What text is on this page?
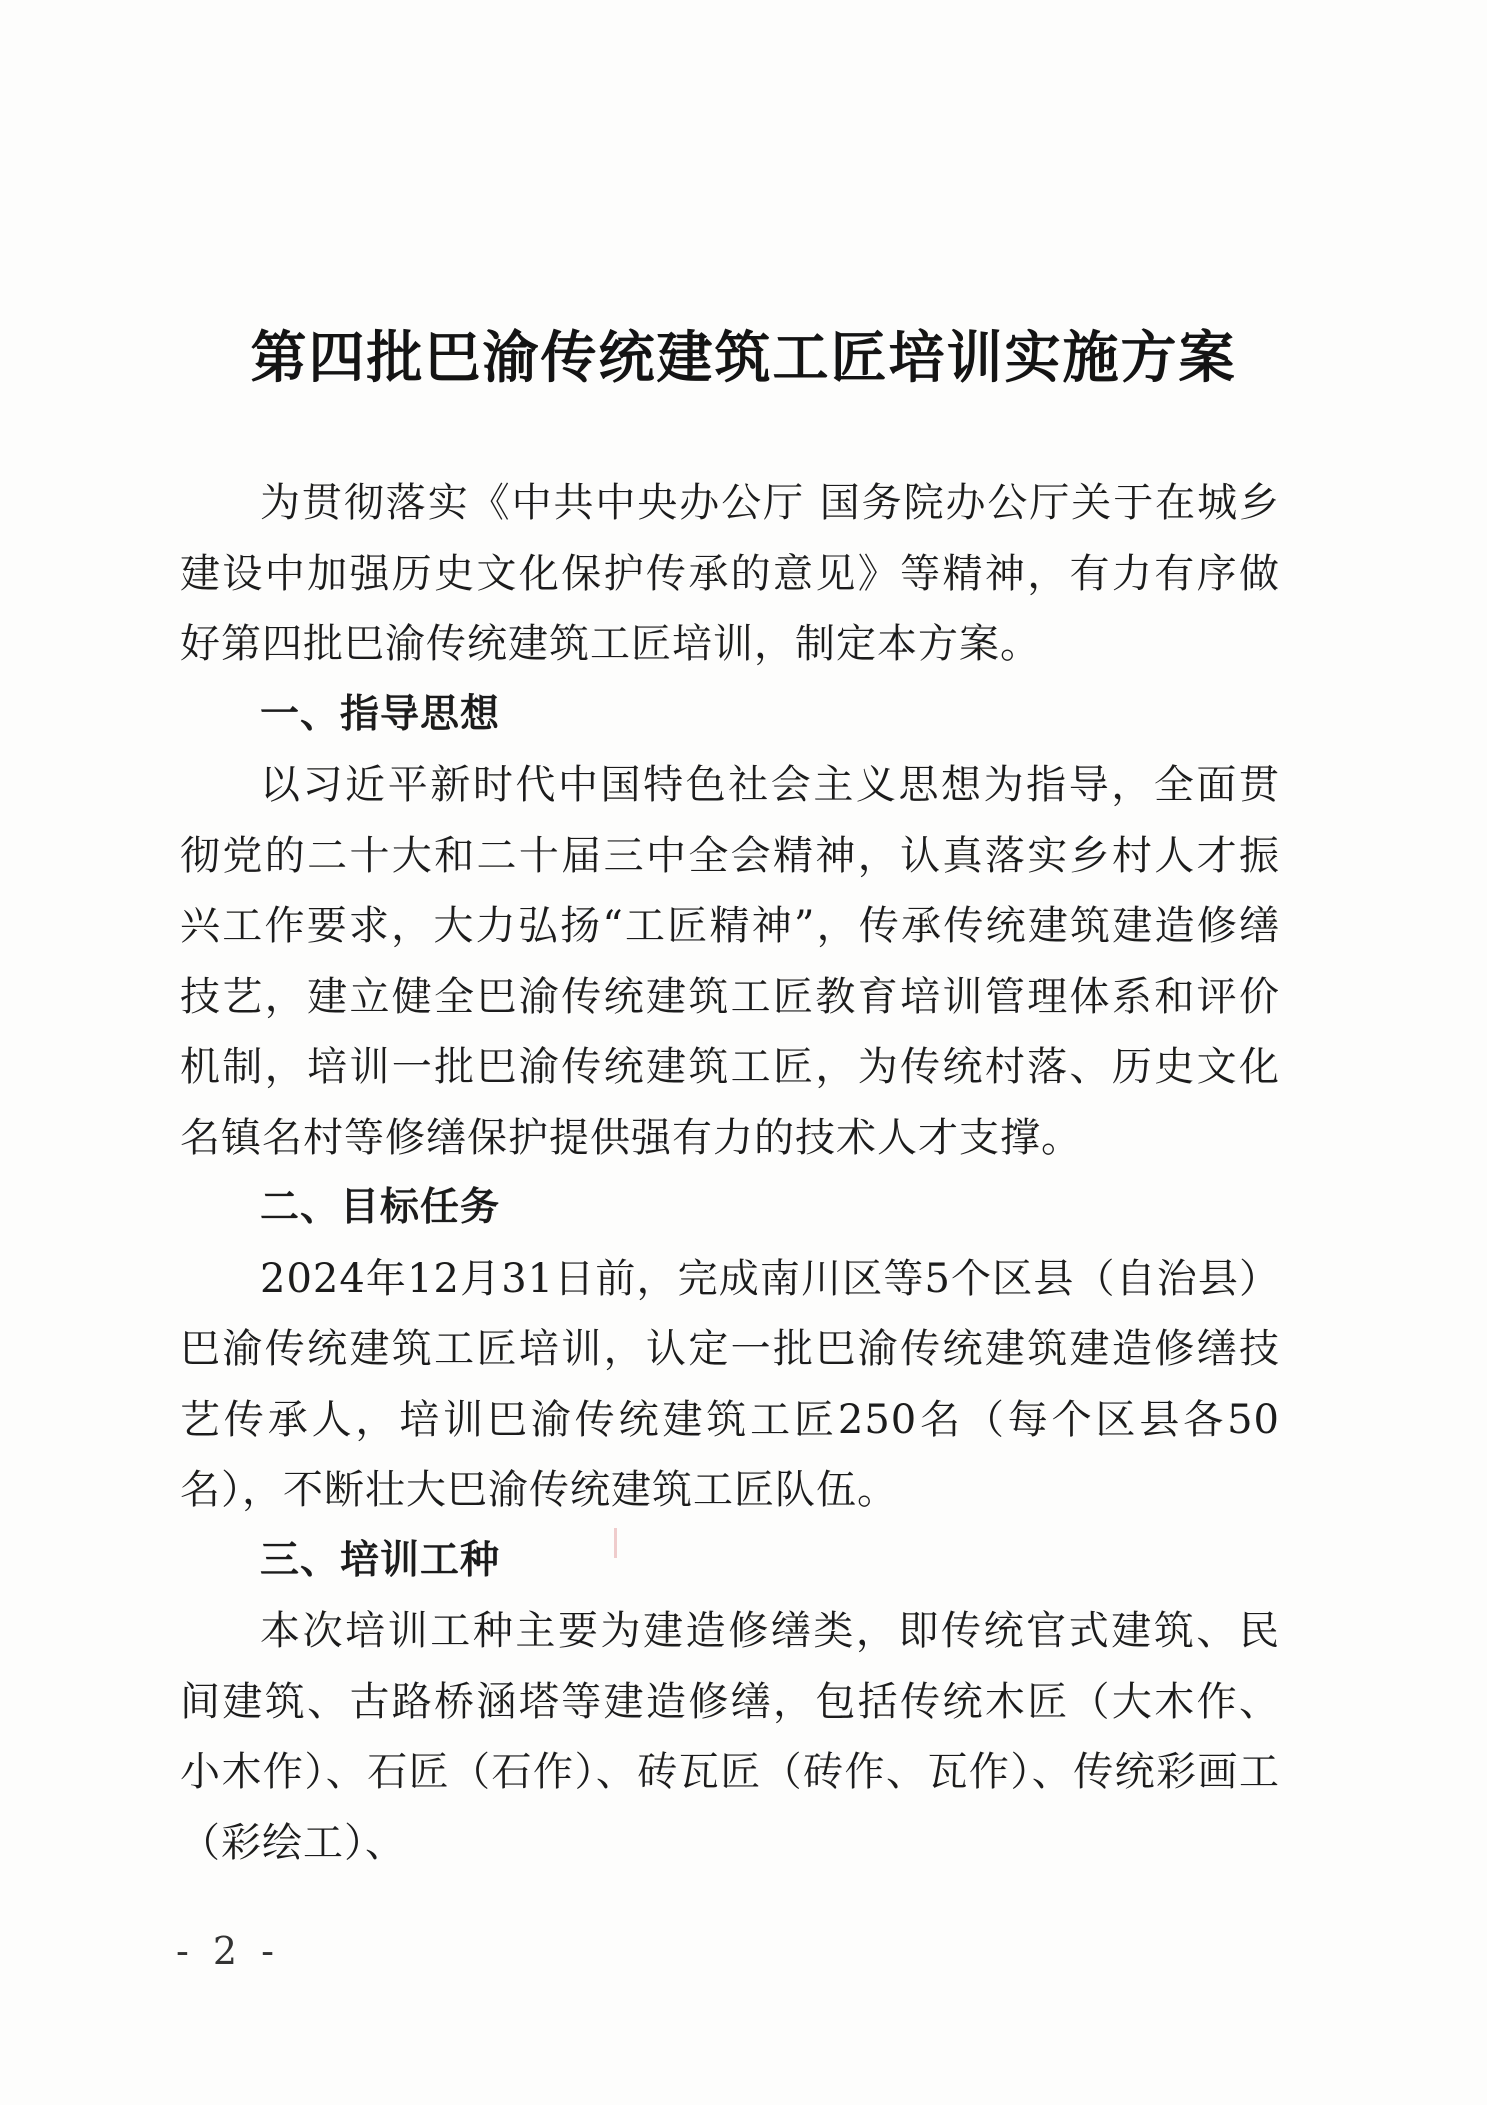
第四批巴渝传统建筑工匠培训实施方案

为贯彻落实《中共中央办公厅 国务院办公厅关于在城乡建设中加强历史文化保护传承的意见》等精神，有力有序做好第四批巴渝传统建筑工匠培训，制定本方案。

一、指导思想

以习近平新时代中国特色社会主义思想为指导，全面贯彻党的二十大和二十届三中全会精神，认真落实乡村人才振兴工作要求，大力弘扬“工匠精神”，传承传统建筑建造修缮技艺，建立健全巴渝传统建筑工匠教育培训管理体系和评价机制，培训一批巴渝传统建筑工匠，为传统村落、历史文化名镇名村等修缮保护提供强有力的技术人才支撑。

二、目标任务

2024年12月31日前，完成南川区等5个区县（自治县）巴渝传统建筑工匠培训，认定一批巴渝传统建筑建造修缮技艺传承人，培训巴渝传统建筑工匠250名（每个区县各50名），不断壮大巴渝传统建筑工匠队伍。

三、培训工种

本次培训工种主要为建造修缮类，即传统官式建筑、民间建筑、古路桥涵塔等建造修缮，包括传统木匠（大木作、小木作）、石匠（石作）、砖瓦匠（砖作、瓦作）、传统彩画工（彩绘工）、

- 2 -
